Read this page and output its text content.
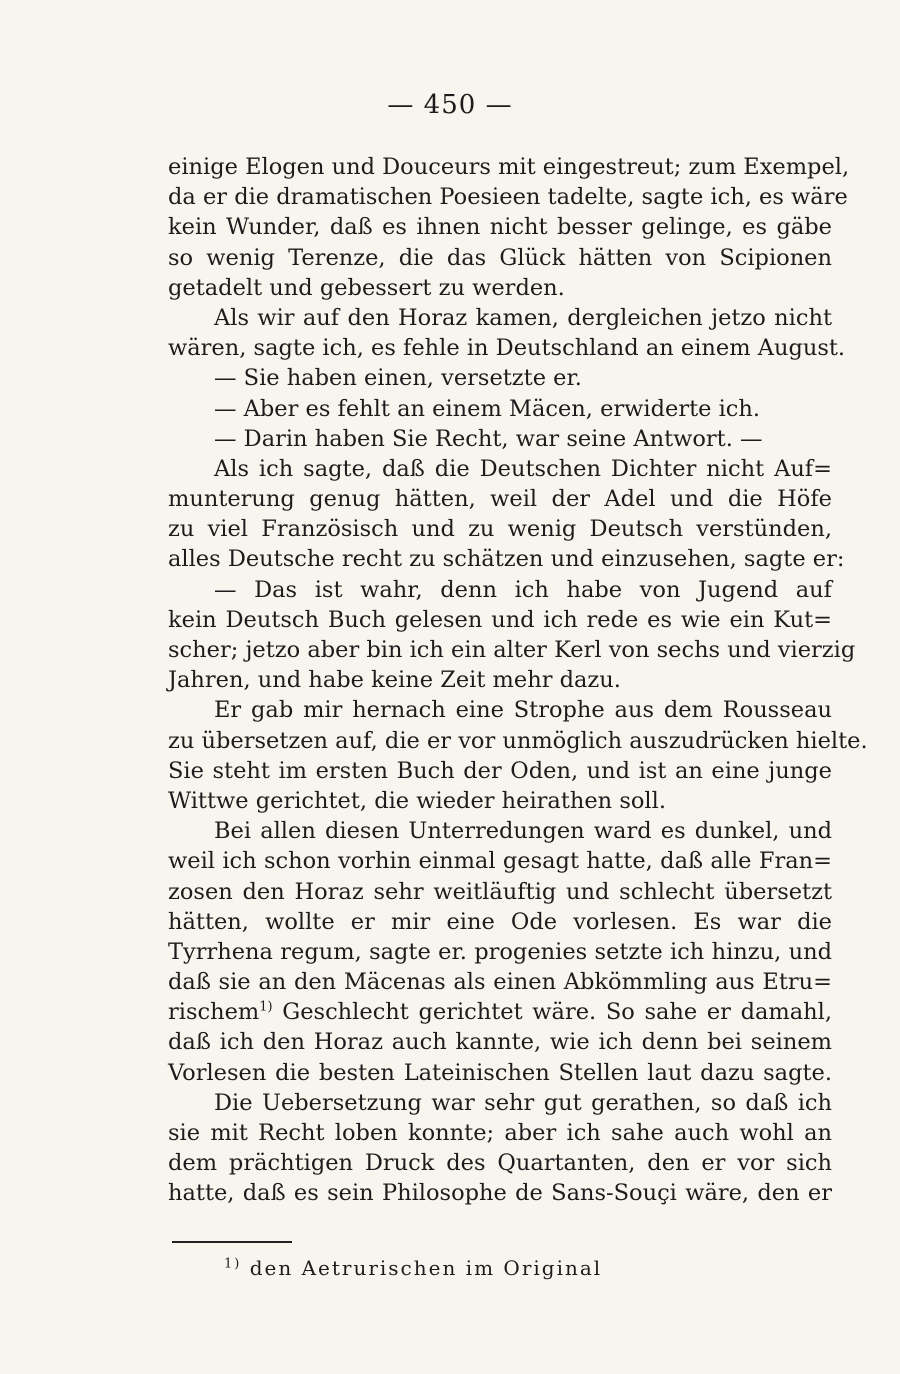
— 450 —
einige Elogen und Douceurs mit eingestreut; zum Exempel,
da er die dramatischen Poesieen tadelte, sagte ich, es wäre
kein Wunder, daß es ihnen nicht besser gelinge, es gäbe
so wenig Terenze, die das Glück hätten von Scipionen
getadelt und gebessert zu werden.
Als wir auf den Horaz kamen, dergleichen jetzo nicht
wären, sagte ich, es fehle in Deutschland an einem August.
— Sie haben einen, versetzte er.
— Aber es fehlt an einem Mäcen, erwiderte ich.
— Darin haben Sie Recht, war seine Antwort. —
Als ich sagte, daß die Deutschen Dichter nicht Auf=
munterung genug hätten, weil der Adel und die Höfe
zu viel Französisch und zu wenig Deutsch verstünden,
alles Deutsche recht zu schätzen und einzusehen, sagte er:
— Das ist wahr, denn ich habe von Jugend auf
kein Deutsch Buch gelesen und ich rede es wie ein Kut=
scher; jetzo aber bin ich ein alter Kerl von sechs und vierzig
Jahren, und habe keine Zeit mehr dazu.
Er gab mir hernach eine Strophe aus dem Rousseau
zu übersetzen auf, die er vor unmöglich auszudrücken hielte.
Sie steht im ersten Buch der Oden, und ist an eine junge
Wittwe gerichtet, die wieder heirathen soll.
Bei allen diesen Unterredungen ward es dunkel, und
weil ich schon vorhin einmal gesagt hatte, daß alle Fran=
zosen den Horaz sehr weitläuftig und schlecht übersetzt
hätten, wollte er mir eine Ode vorlesen. Es war die
Tyrrhena regum, sagte er. progenies setzte ich hinzu, und
daß sie an den Mäcenas als einen Abkömmling aus Etru=
rischem$^{1)}$ Geschlecht gerichtet wäre. So sahe er damahl,
daß ich den Horaz auch kannte, wie ich denn bei seinem
Vorlesen die besten Lateinischen Stellen laut dazu sagte.
Die Uebersetzung war sehr gut gerathen, so daß ich
sie mit Recht loben konnte; aber ich sahe auch wohl an
dem prächtigen Druck des Quartanten, den er vor sich
hatte, daß es sein Philosophe de Sans-Souçi wäre, den er
$^{1)}$ den Aetrurischen im Original
